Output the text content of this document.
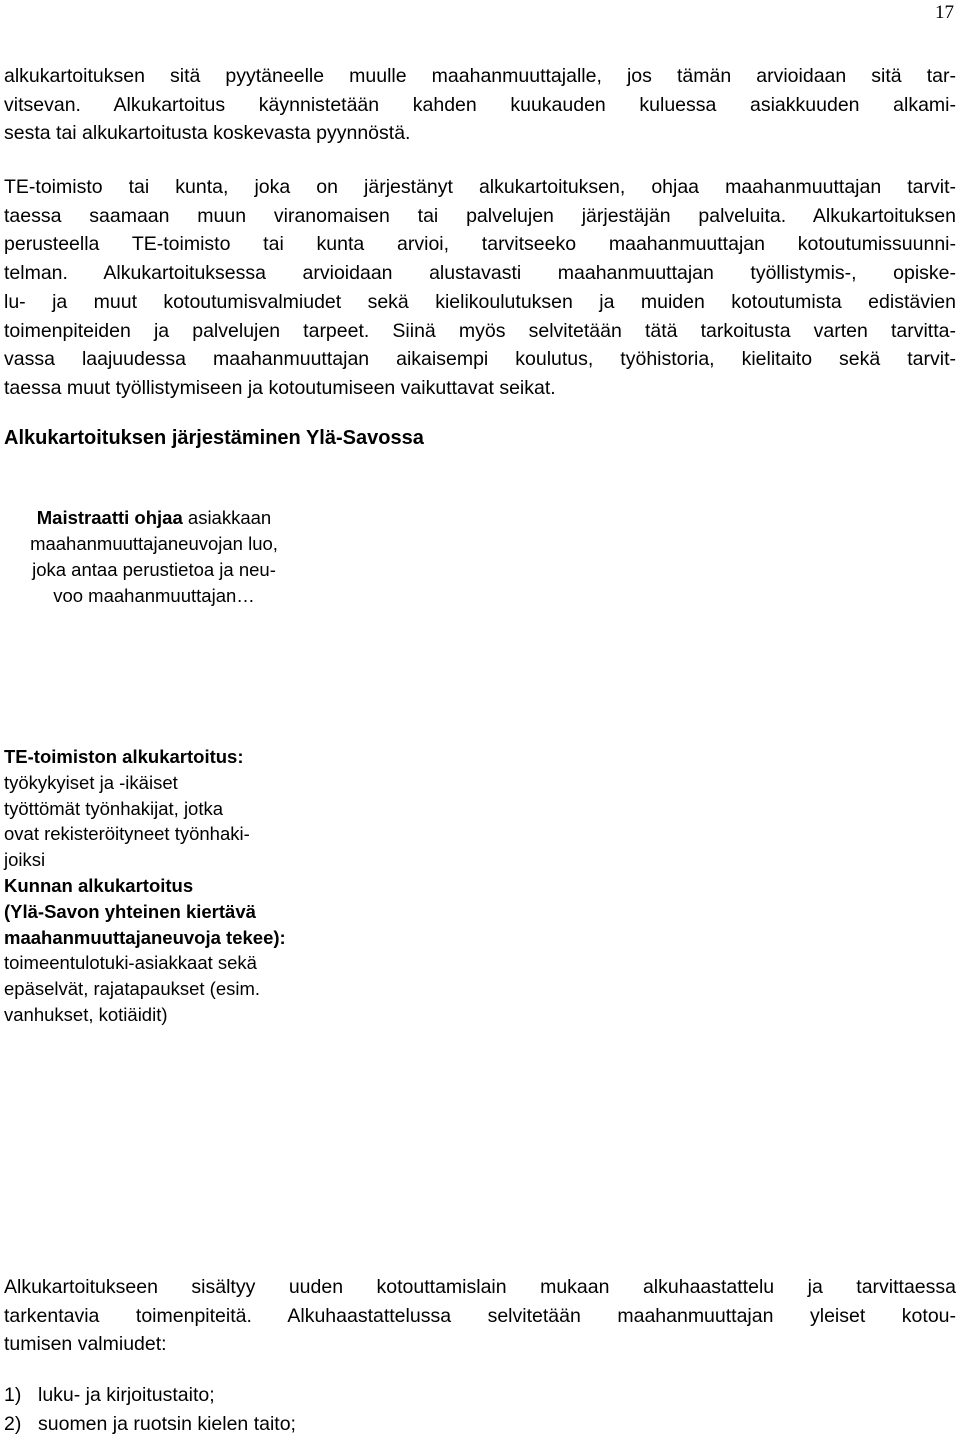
17

alkukartoituksen sitä pyytäneelle muulle maahanmuuttajalle, jos tämän arvioidaan sitä tar-
vitsevan. Alkukartoitus käynnistetään kahden kuukauden kuluessa asiakkuuden alkami-
sesta tai alkukartoitusta koskevasta pyynnöstä.

TE-toimisto tai kunta, joka on järjestänyt alkukartoituksen, ohjaa maahanmuuttajan tarvit-
taessa saamaan muun viranomaisen tai palvelujen järjestäjän palveluita. Alkukartoituksen
perusteella TE-toimisto tai kunta arvioi, tarvitseeko maahanmuuttajan kotoutumissuunni-
telman. Alkukartoituksessa arvioidaan alustavasti maahanmuuttajan työllistymis-, opiske-
lu- ja muut kotoutumisvalmiudet sekä kielikoulutuksen ja muiden kotoutumista edistävien
toimenpiteiden ja palvelujen tarpeet. Siinä myös selvitetään tätä tarkoitusta varten tarvitta-
vassa laajuudessa maahanmuuttajan aikaisempi koulutus, työhistoria, kielitaito sekä tarvit-
taessa muut työllistymiseen ja kotoutumiseen vaikuttavat seikat.

Alkukartoituksen järjestäminen Ylä-Savossa
Maistraatti ohjaa asiakkaan
maahanmuuttajaneuvojan luo,
joka antaa perustietoa ja neu-
voo maahanmuuttajan…
TE-toimiston alkukartoitus:
työkykyiset ja -ikäiset
työttömät työnhakijat, jotka
ovat rekisteröityneet työnhaki-
joiksi
Kunnan alkukartoitus
(Ylä-Savon yhteinen kiertävä
maahanmuuttajaneuvoja tekee):
toimeentulotuki-asiakkaat sekä
epäselvät, rajatapaukset (esim.
vanhukset, kotiäidit)

Alkukartoitukseen sisältyy uuden kotouttamislain mukaan alkuhaastattelu ja tarvittaessa
tarkentavia toimenpiteitä. Alkuhaastattelussa selvitetään maahanmuuttajan yleiset kotou-
tumisen valmiudet:

1) luku- ja kirjoitustaito;
2) suomen ja ruotsin kielen taito;
